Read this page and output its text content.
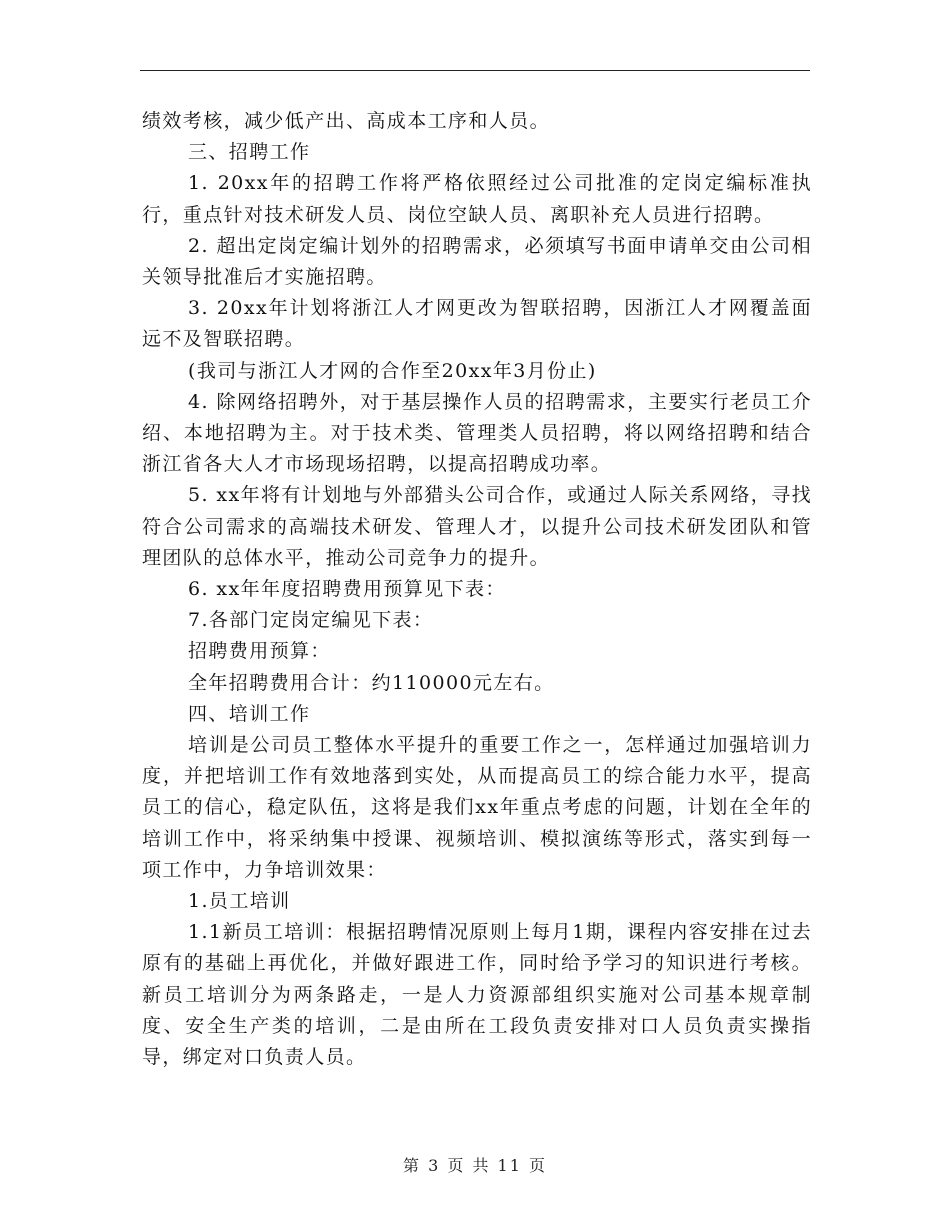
绩效考核，减少低产出、高成本工序和人员。

三、招聘工作

1. 20xx年的招聘工作将严格依照经过公司批准的定岗定编标准执行，重点针对技术研发人员、岗位空缺人员、离职补充人员进行招聘。

2. 超出定岗定编计划外的招聘需求，必须填写书面申请单交由公司相关领导批准后才实施招聘。

3. 20xx年计划将浙江人才网更改为智联招聘，因浙江人才网覆盖面远不及智联招聘。

(我司与浙江人才网的合作至20xx年3月份止)

4. 除网络招聘外，对于基层操作人员的招聘需求，主要实行老员工介绍、本地招聘为主。对于技术类、管理类人员招聘，将以网络招聘和结合浙江省各大人才市场现场招聘，以提高招聘成功率。

5. xx年将有计划地与外部猎头公司合作，或通过人际关系网络，寻找符合公司需求的高端技术研发、管理人才，以提升公司技术研发团队和管理团队的总体水平，推动公司竞争力的提升。

6. xx年年度招聘费用预算见下表：

7.各部门定岗定编见下表：

招聘费用预算：

全年招聘费用合计：约110000元左右。

四、培训工作

培训是公司员工整体水平提升的重要工作之一，怎样通过加强培训力度，并把培训工作有效地落到实处，从而提高员工的综合能力水平，提高员工的信心，稳定队伍，这将是我们xx年重点考虑的问题，计划在全年的培训工作中，将采纳集中授课、视频培训、模拟演练等形式，落实到每一项工作中，力争培训效果：

1.员工培训

1.1新员工培训：根据招聘情况原则上每月1期，课程内容安排在过去原有的基础上再优化，并做好跟进工作，同时给予学习的知识进行考核。新员工培训分为两条路走，一是人力资源部组织实施对公司基本规章制度、安全生产类的培训，二是由所在工段负责安排对口人员负责实操指导，绑定对口负责人员。

第 3 页 共 11 页
